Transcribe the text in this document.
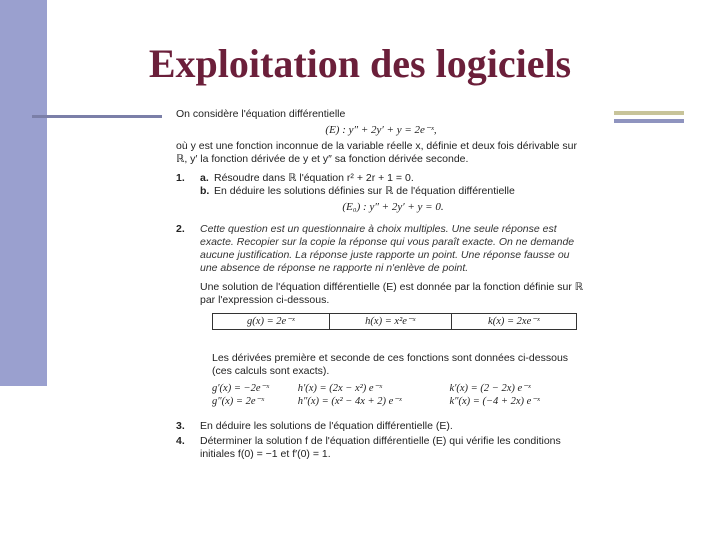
Exploitation des logiciels

On considère l'équation différentielle

(E) : y″ + 2y′ + y = 2e⁻ˣ,

où y est une fonction inconnue de la variable réelle x, définie et deux fois dérivable sur ℝ, y′ la fonction dérivée de y et y″ sa fonction dérivée seconde.

1.	a. Résoudre dans ℝ l'équation r² + 2r + 1 = 0.
b. En déduire les solutions définies sur ℝ de l'équation différentielle
(E₀) : y″ + 2y′ + y = 0.
2.	Cette question est un questionnaire à choix multiples. Une seule réponse est exacte. Recopier sur la copie la réponse qui vous paraît exacte. On ne demande aucune justification. La réponse juste rapporte un point. Une réponse fausse ou une absence de réponse ne rapporte ni n'enlève de point.

Une solution de l'équation différentielle (E) est donnée par la fonction définie sur ℝ par l'expression ci-dessous.

g(x) = 2e⁻ˣ	h(x) = x²e⁻ˣ	k(x) = 2xe⁻ˣ

Les dérivées première et seconde de ces fonctions sont données ci-dessous (ces calculs sont exacts).

g′(x) = −2e⁻ˣ	h′(x) = (2x − x²) e⁻ˣ	k′(x) = (2 − 2x) e⁻ˣ
g″(x) = 2e⁻ˣ	h″(x) = (x² − 4x + 2) e⁻ˣ	k″(x) = (−4 + 2x) e⁻ˣ
3.	En déduire les solutions de l'équation différentielle (E).
4.	Déterminer la solution f de l'équation différentielle (E) qui vérifie les conditions initiales f(0) = −1 et f′(0) = 1.
